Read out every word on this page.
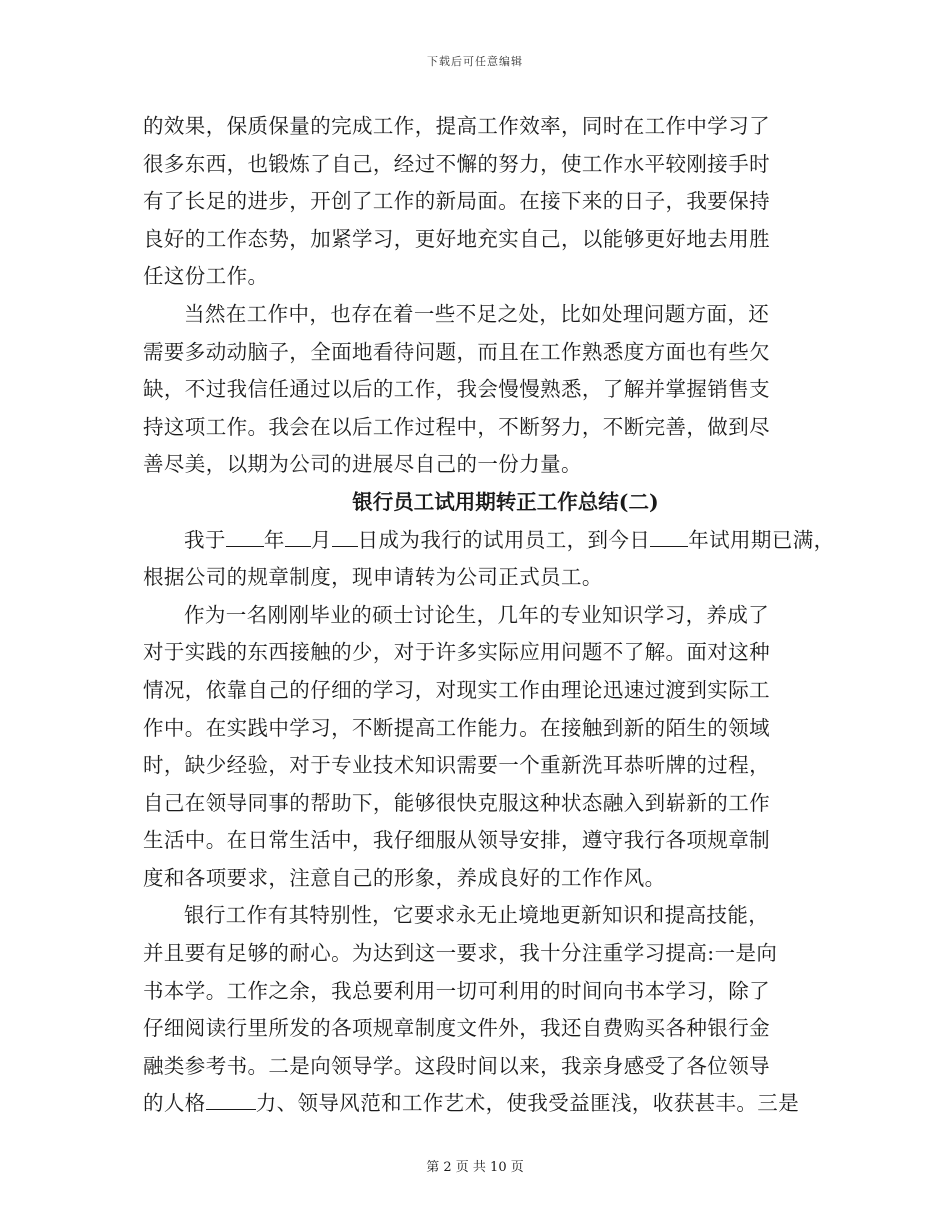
下载后可任意编辑
的效果，保质保量的完成工作，提高工作效率，同时在工作中学习了
很多东西，也锻炼了自己，经过不懈的努力，使工作水平较刚接手时
有了长足的进步，开创了工作的新局面。在接下来的日子，我要保持
良好的工作态势，加紧学习，更好地充实自己，以能够更好地去用胜
任这份工作。
当然在工作中，也存在着一些不足之处，比如处理问题方面，还
需要多动动脑子，全面地看待问题，而且在工作熟悉度方面也有些欠
缺，不过我信任通过以后的工作，我会慢慢熟悉，了解并掌握销售支
持这项工作。我会在以后工作过程中，不断努力，不断完善，做到尽
善尽美，以期为公司的进展尽自己的一份力量。
银行员工试用期转正工作总结(二)
我于 年 月 日成为我行的试用员工，到今日 年试用期已满，
根据公司的规章制度，现申请转为公司正式员工。
作为一名刚刚毕业的硕士讨论生，几年的专业知识学习，养成了
对于实践的东西接触的少，对于许多实际应用问题不了解。面对这种
情况，依靠自己的仔细的学习，对现实工作由理论迅速过渡到实际工
作中。在实践中学习，不断提高工作能力。在接触到新的陌生的领域
时，缺少经验，对于专业技术知识需要一个重新洗耳恭听牌的过程，
自己在领导同事的帮助下，能够很快克服这种状态融入到崭新的工作
生活中。在日常生活中，我仔细服从领导安排，遵守我行各项规章制
度和各项要求，注意自己的形象，养成良好的工作作风。
银行工作有其特别性，它要求永无止境地更新知识和提高技能，
并且要有足够的耐心。为达到这一要求，我十分注重学习提高:一是向
书本学。工作之余，我总要利用一切可利用的时间向书本学习，除了
仔细阅读行里所发的各项规章制度文件外，我还自费购买各种银行金
融类参考书。二是向领导学。这段时间以来，我亲身感受了各位领导
的人格 力、领导风范和工作艺术，使我受益匪浅，收获甚丰。三是
第 2 页 共 10 页
